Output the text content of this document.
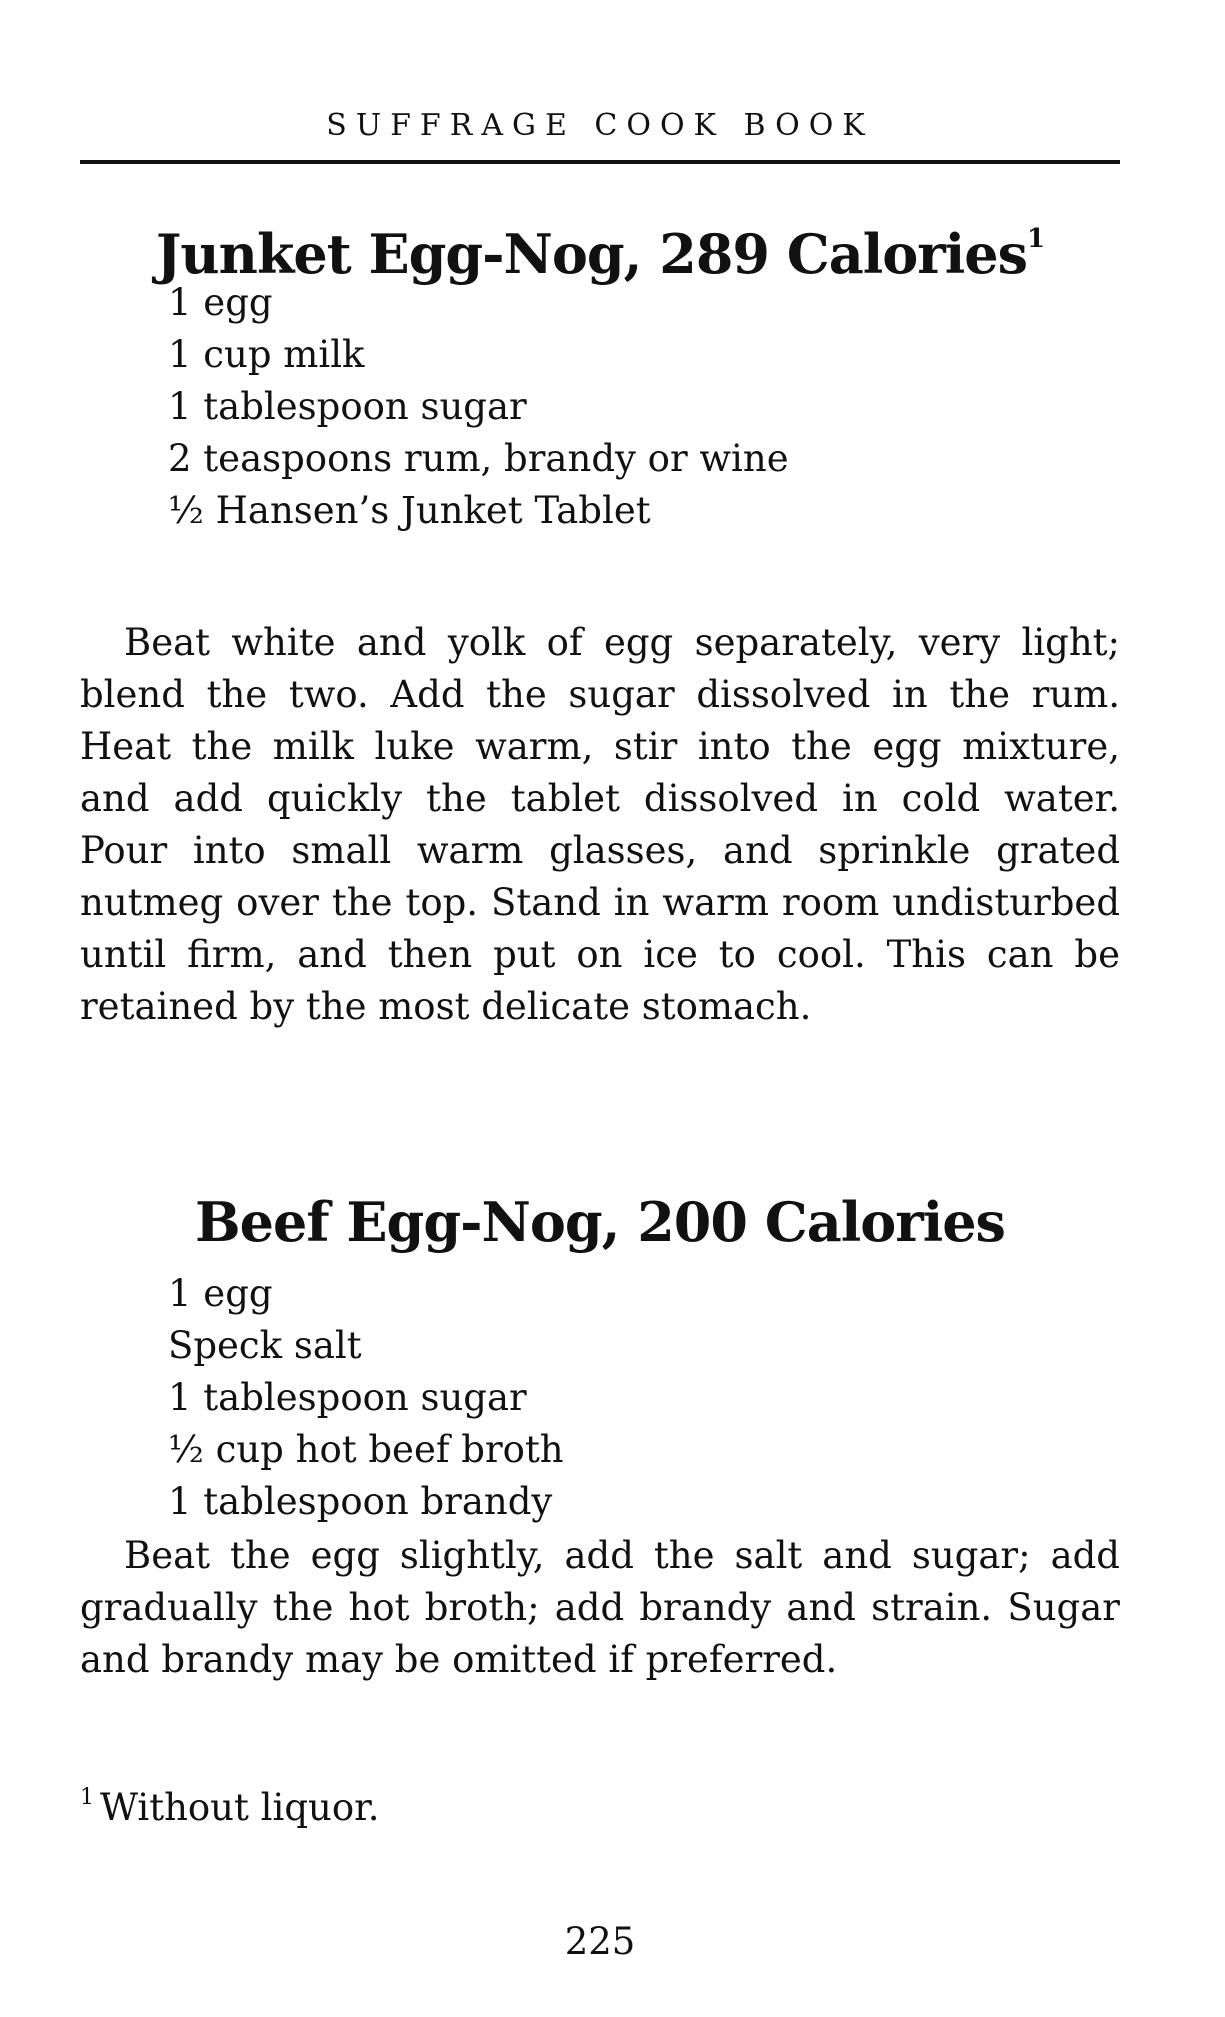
SUFFRAGE COOK BOOK
Junket Egg-Nog, 289 Calories$^1$
1 egg
1 cup milk
1 tablespoon sugar
2 teaspoons rum, brandy or wine
½ Hansen’s Junket Tablet

Beat white and yolk of egg separately, very light; blend the two. Add the sugar dissolved in the rum. Heat the milk luke warm, stir into the egg mixture, and add quickly the tablet dissolved in cold water. Pour into small warm glasses, and sprinkle grated nutmeg over the top. Stand in warm room undisturbed until firm, and then put on ice to cool. This can be retained by the most delicate stomach.

Beef Egg-Nog, 200 Calories
1 egg
Speck salt
1 tablespoon sugar
½ cup hot beef broth
1 tablespoon brandy

Beat the egg slightly, add the salt and sugar; add gradually the hot broth; add brandy and strain. Sugar and brandy may be omitted if preferred.

$^1$ Without liquor.

225
